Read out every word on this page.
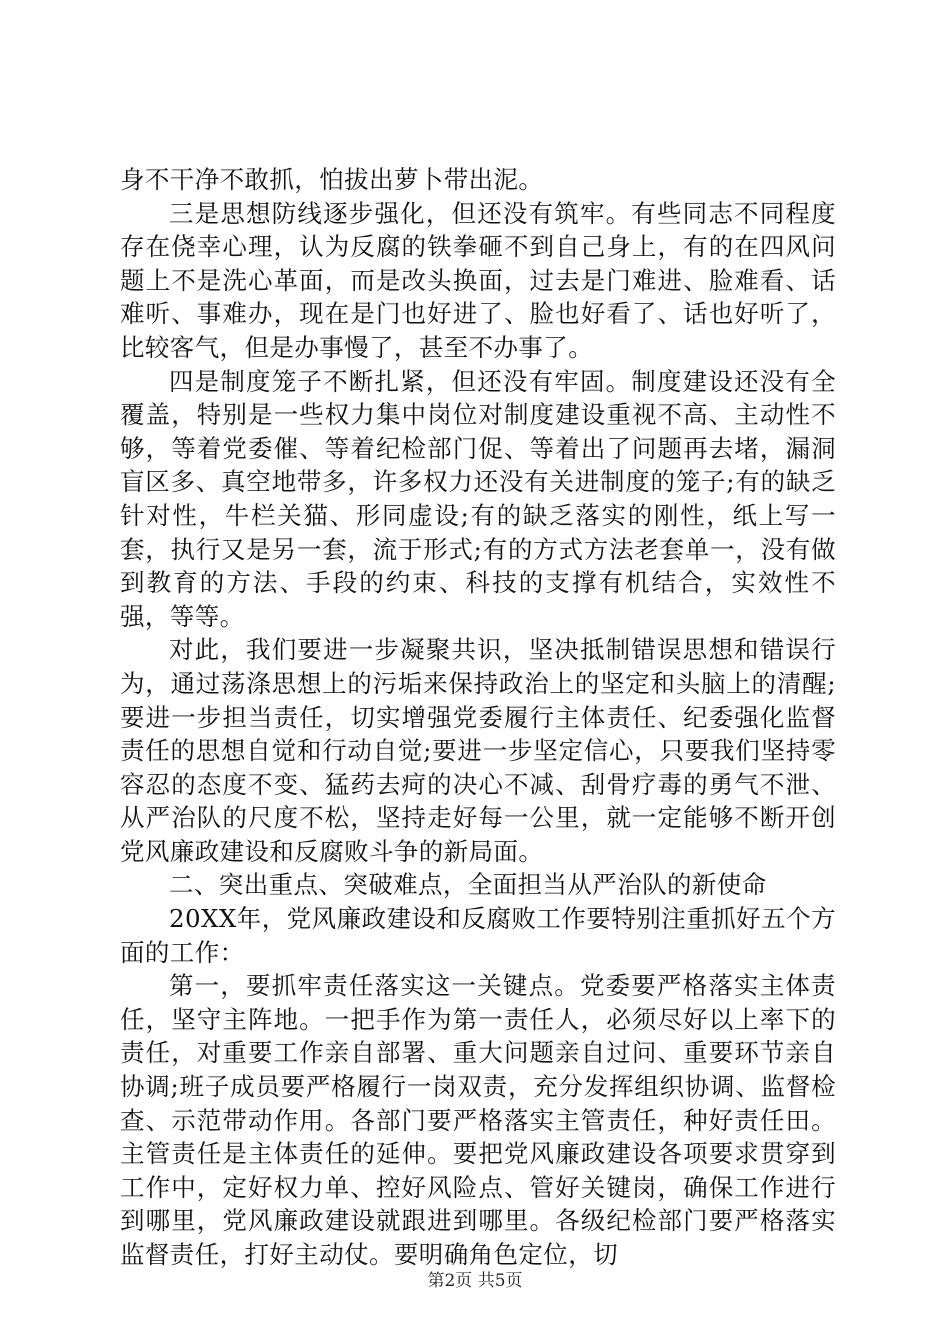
身不干净不敢抓，怕拔出萝卜带出泥。

三是思想防线逐步强化，但还没有筑牢。有些同志不同程度存在侥幸心理，认为反腐的铁拳砸不到自己身上，有的在四风问题上不是洗心革面，而是改头换面，过去是门难进、脸难看、话难听、事难办，现在是门也好进了、脸也好看了、话也好听了，比较客气，但是办事慢了，甚至不办事了。

四是制度笼子不断扎紧，但还没有牢固。制度建设还没有全覆盖，特别是一些权力集中岗位对制度建设重视不高、主动性不够，等着党委催、等着纪检部门促、等着出了问题再去堵，漏洞盲区多、真空地带多，许多权力还没有关进制度的笼子;有的缺乏针对性，牛栏关猫、形同虚设;有的缺乏落实的刚性，纸上写一套，执行又是另一套，流于形式;有的方式方法老套单一，没有做到教育的方法、手段的约束、科技的支撑有机结合，实效性不强，等等。

对此，我们要进一步凝聚共识，坚决抵制错误思想和错误行为，通过荡涤思想上的污垢来保持政治上的坚定和头脑上的清醒;要进一步担当责任，切实增强党委履行主体责任、纪委强化监督责任的思想自觉和行动自觉;要进一步坚定信心，只要我们坚持零容忍的态度不变、猛药去疴的决心不减、刮骨疗毒的勇气不泄、从严治队的尺度不松，坚持走好每一公里，就一定能够不断开创党风廉政建设和反腐败斗争的新局面。

二、突出重点、突破难点，全面担当从严治队的新使命

20XX年，党风廉政建设和反腐败工作要特别注重抓好五个方面的工作：

第一，要抓牢责任落实这一关键点。党委要严格落实主体责任，坚守主阵地。一把手作为第一责任人，必须尽好以上率下的责任，对重要工作亲自部署、重大问题亲自过问、重要环节亲自协调;班子成员要严格履行一岗双责，充分发挥组织协调、监督检查、示范带动作用。各部门要严格落实主管责任，种好责任田。主管责任是主体责任的延伸。要把党风廉政建设各项要求贯穿到工作中，定好权力单、控好风险点、管好关键岗，确保工作进行到哪里，党风廉政建设就跟进到哪里。各级纪检部门要严格落实监督责任，打好主动仗。要明确角色定位，切

第2页 共5页
